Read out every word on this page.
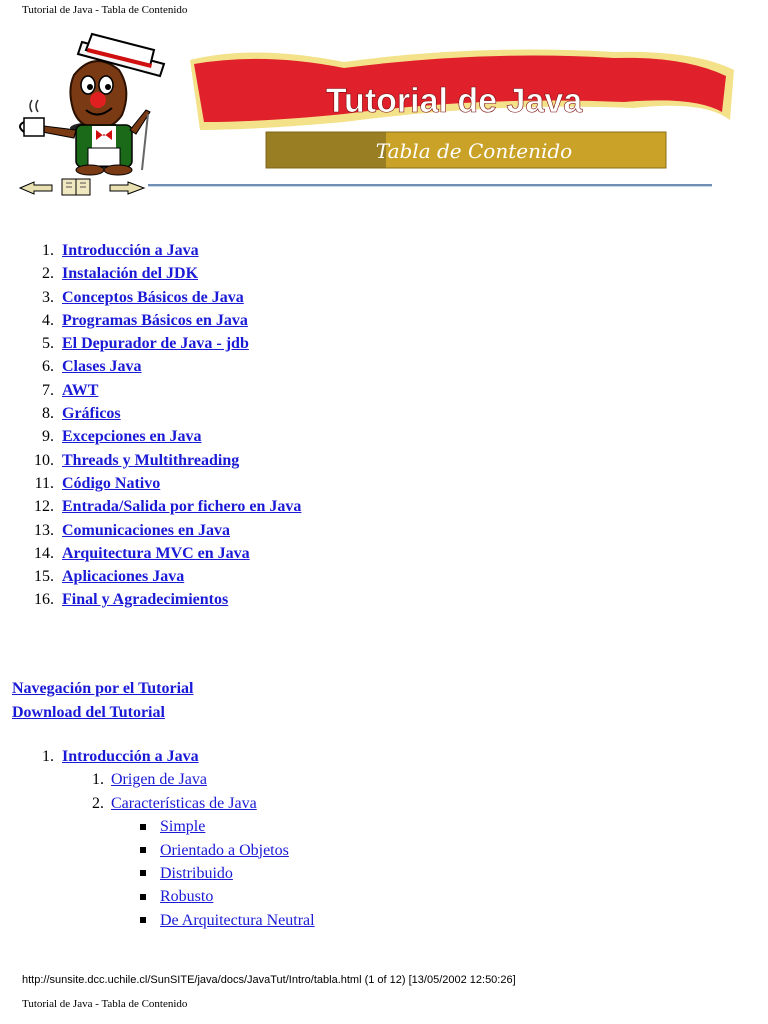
Tutorial de Java - Tabla de Contenido
Tutorial de Java
Tabla de Contenido
1. Introducción a Java
2. Instalación del JDK
3. Conceptos Básicos de Java
4. Programas Básicos en Java
5. El Depurador de Java - jdb
6. Clases Java
7. AWT
8. Gráficos
9. Excepciones en Java
10. Threads y Multithreading
11. Código Nativo
12. Entrada/Salida por fichero en Java
13. Comunicaciones en Java
14. Arquitectura MVC en Java
15. Aplicaciones Java
16. Final y Agradecimientos
Navegación por el Tutorial
Download del Tutorial
1. Introducción a Java
1. Origen de Java
2. Características de Java
Simple
Orientado a Objetos
Distribuido
Robusto
De Arquitectura Neutral
http://sunsite.dcc.uchile.cl/SunSITE/java/docs/JavaTut/Intro/tabla.html (1 of 12) [13/05/2002 12:50:26]
Tutorial de Java - Tabla de Contenido
